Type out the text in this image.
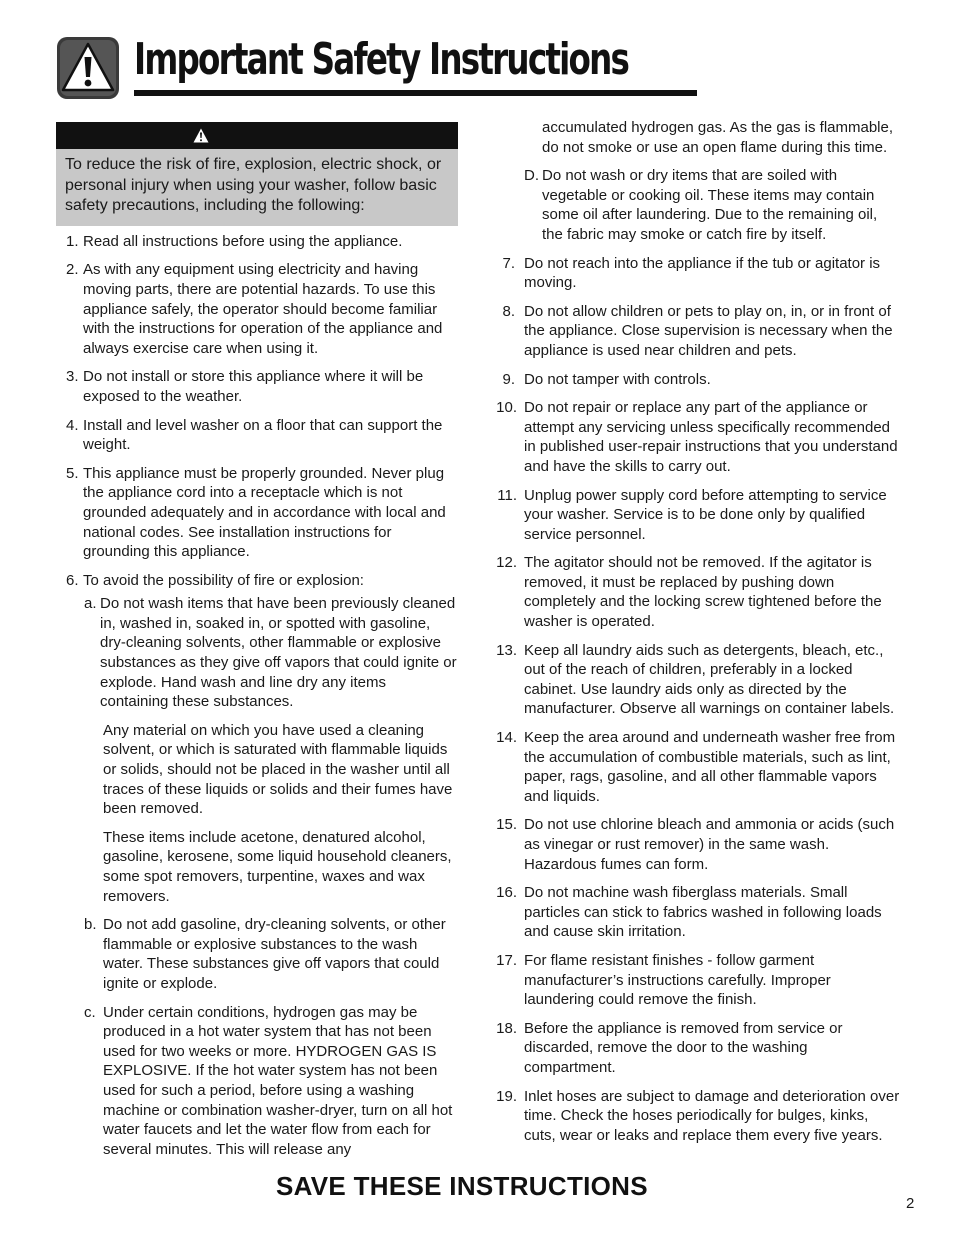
Important Safety Instructions
To reduce the risk of fire, explosion, electric shock, or personal injury when using your washer, follow basic safety precautions, including the following:
1. Read all instructions before using the appliance.
2. As with any equipment using electricity and having moving parts, there are potential hazards. To use this appliance safely, the operator should become familiar with the instructions for operation of the appliance and always exercise care when using it.
3. Do not install or store this appliance where it will be exposed to the weather.
4. Install and level washer on a floor that can support the weight.
5. This appliance must be properly grounded. Never plug the appliance cord into a receptacle which is not grounded adequately and in accordance with local and national codes. See installation instructions for grounding this appliance.
6. To avoid the possibility of fire or explosion:
a. Do not wash items that have been previously cleaned in, washed in, soaked in, or spotted with gasoline, dry-cleaning solvents, other flammable or explosive substances as they give off vapors that could ignite or explode. Hand wash and line dry any items containing these substances.
Any material on which you have used a cleaning solvent, or which is saturated with flammable liquids or solids, should not be placed in the washer until all traces of these liquids or solids and their fumes have been removed.
These items include acetone, denatured alcohol, gasoline, kerosene, some liquid household cleaners, some spot removers, turpentine, waxes and wax removers.
b. Do not add gasoline, dry-cleaning solvents, or other flammable or explosive substances to the wash water. These substances give off vapors that could ignite or explode.
c. Under certain conditions, hydrogen gas may be produced in a hot water system that has not been used for two weeks or more. HYDROGEN GAS IS EXPLOSIVE. If the hot water system has not been used for such a period, before using a washing machine or combination washer-dryer, turn on all hot water faucets and let the water flow from each for several minutes. This will release any
accumulated hydrogen gas. As the gas is flammable, do not smoke or use an open flame during this time.
D. Do not wash or dry items that are soiled with vegetable or cooking oil. These items may contain some oil after laundering. Due to the remaining oil, the fabric may smoke or catch fire by itself.
7. Do not reach into the appliance if the tub or agitator is moving.
8. Do not allow children or pets to play on, in, or in front of the appliance. Close supervision is necessary when the appliance is used near children and pets.
9. Do not tamper with controls.
10. Do not repair or replace any part of the appliance or attempt any servicing unless specifically recommended in published user-repair instructions that you understand and have the skills to carry out.
11. Unplug power supply cord before attempting to service your washer. Service is to be done only by qualified service personnel.
12. The agitator should not be removed. If the agitator is removed, it must be replaced by pushing down completely and the locking screw tightened before the washer is operated.
13. Keep all laundry aids such as detergents, bleach, etc., out of the reach of children, preferably in a locked cabinet. Use laundry aids only as directed by the manufacturer. Observe all warnings on container labels.
14. Keep the area around and underneath washer free from the accumulation of combustible materials, such as lint, paper, rags, gasoline, and all other flammable vapors and liquids.
15. Do not use chlorine bleach and ammonia or acids (such as vinegar or rust remover) in the same wash. Hazardous fumes can form.
16. Do not machine wash fiberglass materials. Small particles can stick to fabrics washed in following loads and cause skin irritation.
17. For flame resistant finishes - follow garment manufacturer’s instructions carefully. Improper laundering could remove the finish.
18. Before the appliance is removed from service or discarded, remove the door to the washing compartment.
19. Inlet hoses are subject to damage and deterioration over time. Check the hoses periodically for bulges, kinks, cuts, wear or leaks and replace them every five years.
SAVE THESE INSTRUCTIONS
2
